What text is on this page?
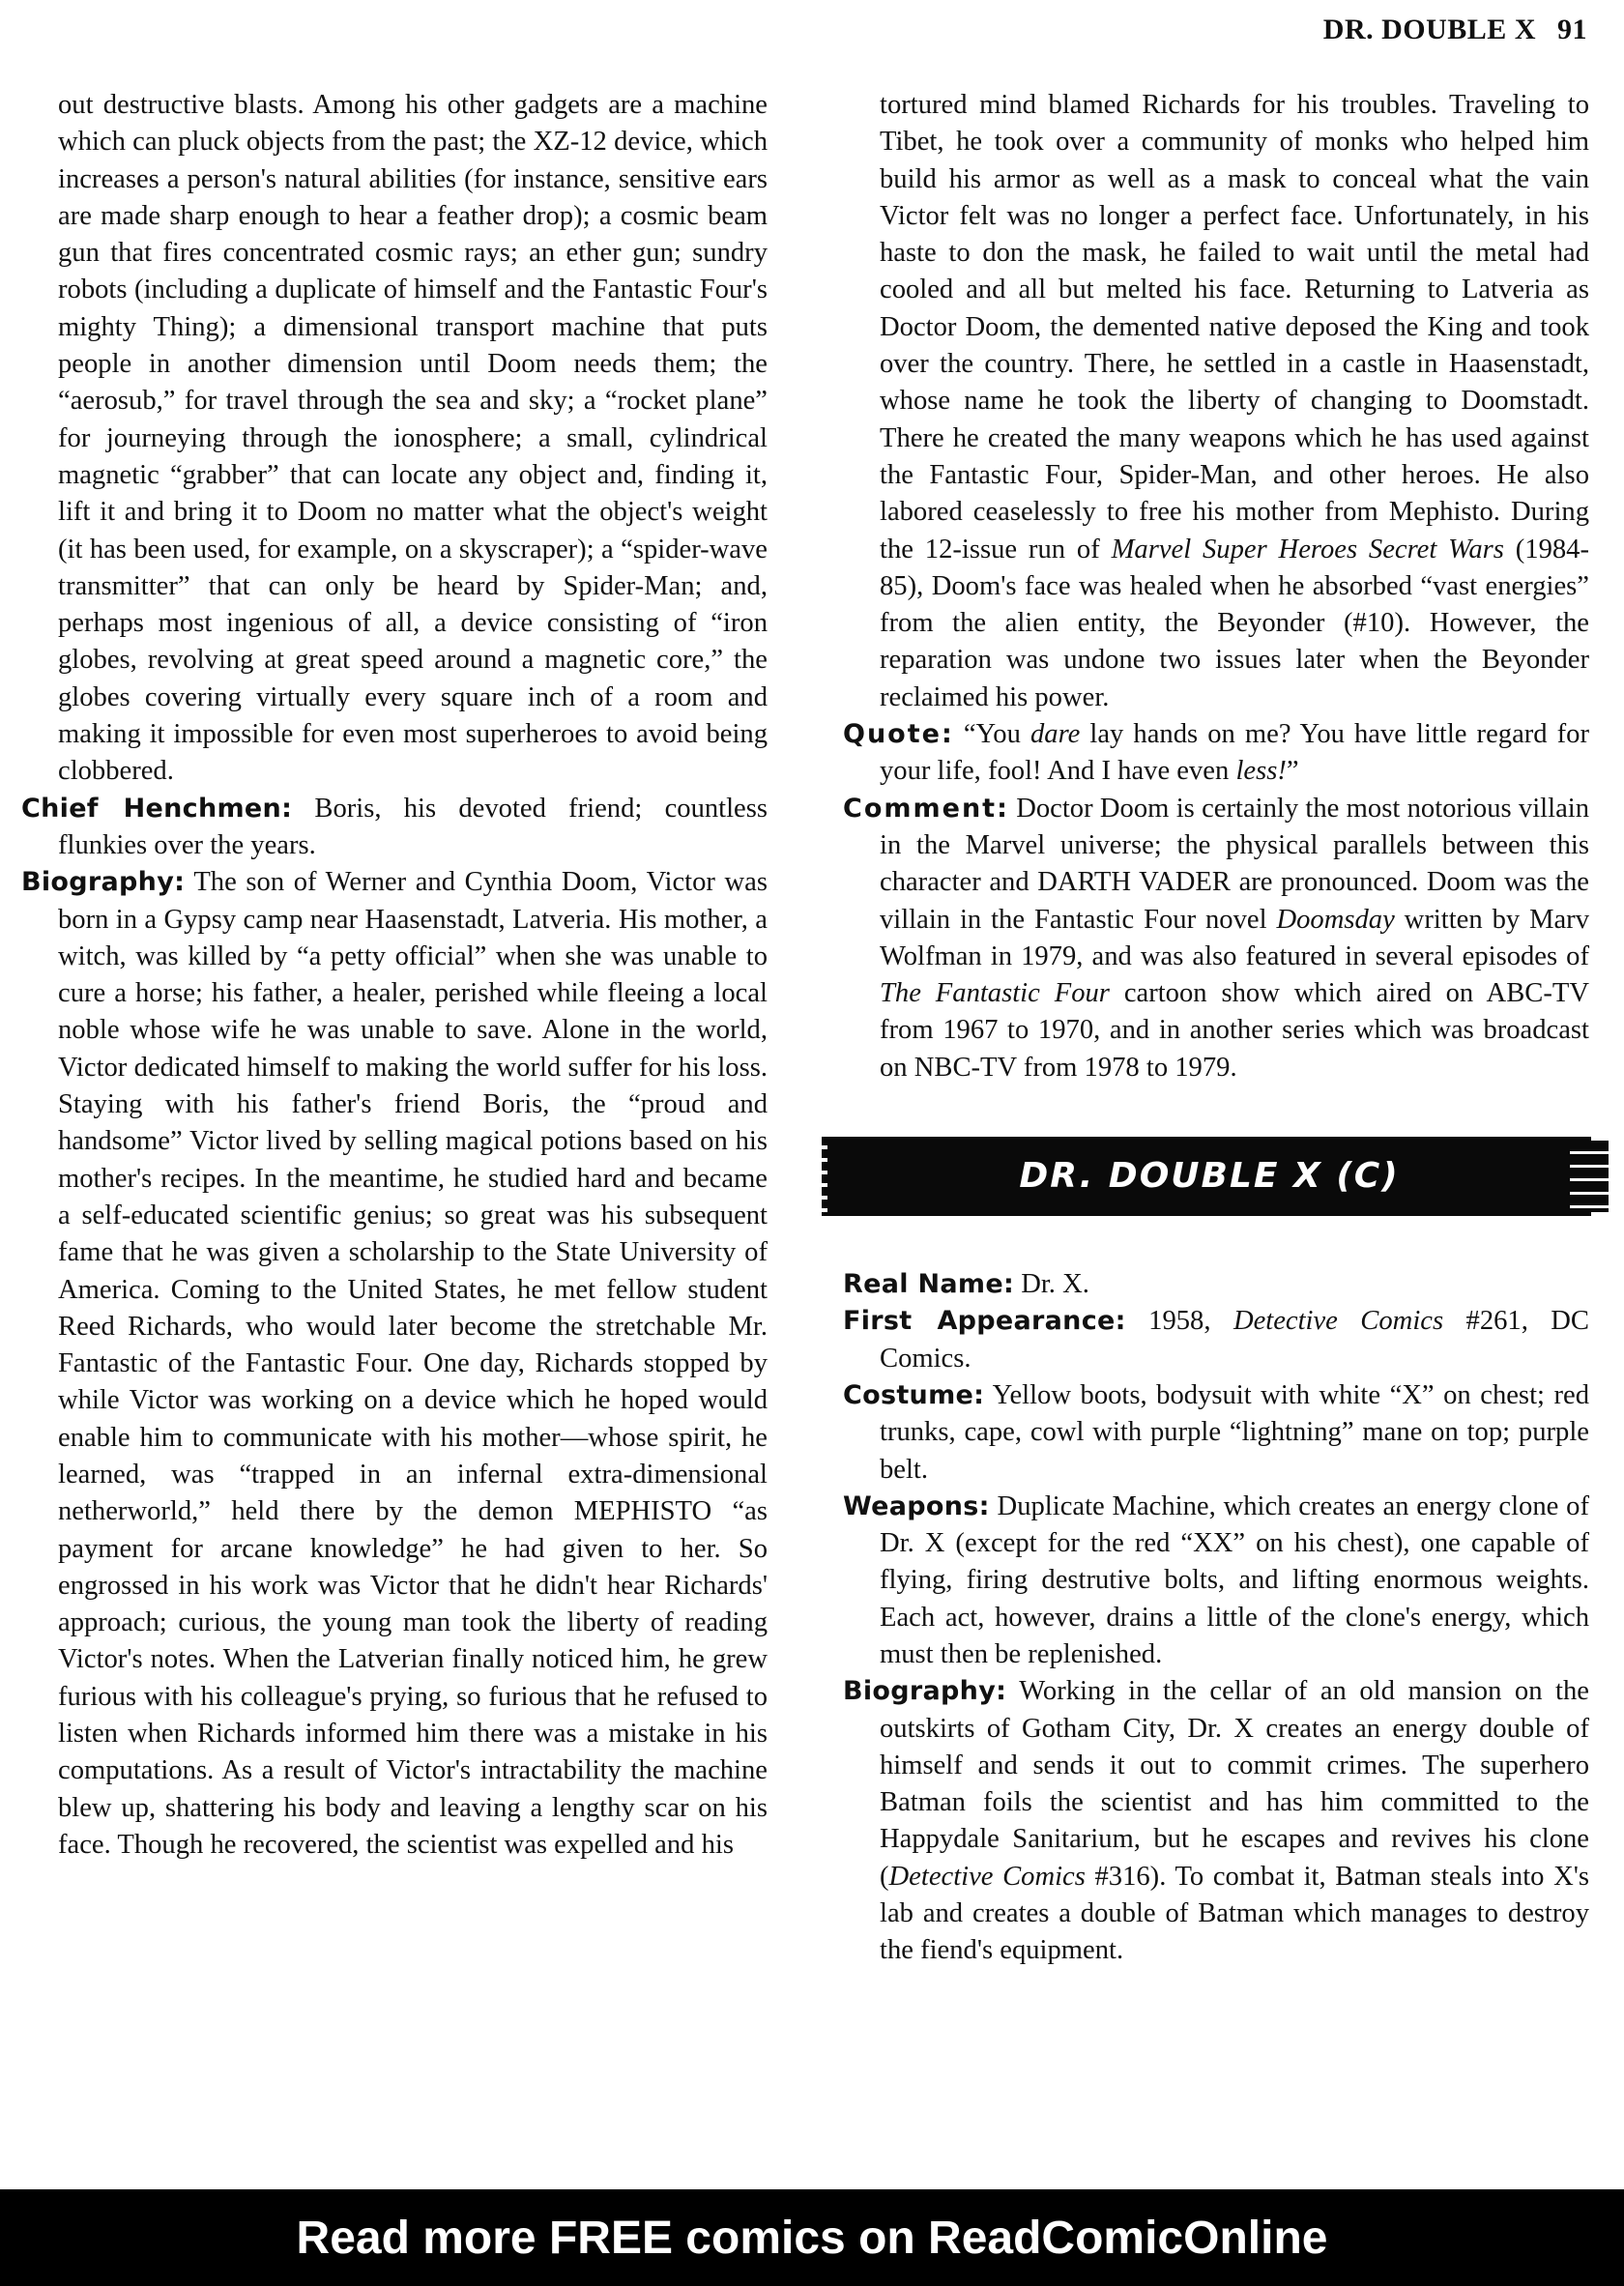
DR. DOUBLE X 91

out destructive blasts. Among his other gadgets are a machine which can pluck objects from the past; the XZ-12 device, which increases a person's natural abilities (for instance, sensitive ears are made sharp enough to hear a feather drop); a cosmic beam gun that fires concentrated cosmic rays; an ether gun; sundry robots (including a duplicate of himself and the Fantastic Four's mighty Thing); a dimensional transport machine that puts people in another dimension until Doom needs them; the “aerosub,” for travel through the sea and sky; a “rocket plane” for journeying through the ionosphere; a small, cylindrical magnetic “grabber” that can locate any object and, finding it, lift it and bring it to Doom no matter what the object's weight (it has been used, for example, on a skyscraper); a “spider-wave transmitter” that can only be heard by Spider-Man; and, perhaps most ingenious of all, a device consisting of “iron globes, revolving at great speed around a magnetic core,” the globes covering virtually every square inch of a room and making it impossible for even most superheroes to avoid being clobbered.

Chief Henchmen: Boris, his devoted friend; countless flunkies over the years.

Biography: The son of Werner and Cynthia Doom, Victor was born in a Gypsy camp near Haasenstadt, Latveria. His mother, a witch, was killed by “a petty official” when she was unable to cure a horse; his father, a healer, perished while fleeing a local noble whose wife he was unable to save. Alone in the world, Victor dedicated himself to making the world suffer for his loss. Staying with his father's friend Boris, the “proud and handsome” Victor lived by selling magical potions based on his mother's recipes. In the meantime, he studied hard and became a self-educated scientific genius; so great was his subsequent fame that he was given a scholarship to the State University of America. Coming to the United States, he met fellow student Reed Richards, who would later become the stretchable Mr. Fantastic of the Fantastic Four. One day, Richards stopped by while Victor was working on a device which he hoped would enable him to communicate with his mother—whose spirit, he learned, was “trapped in an infernal extra-dimensional netherworld,” held there by the demon MEPHISTO “as payment for arcane knowledge” he had given to her. So engrossed in his work was Victor that he didn't hear Richards' approach; curious, the young man took the liberty of reading Victor's notes. When the Latverian finally noticed him, he grew furious with his colleague's prying, so furious that he refused to listen when Richards informed him there was a mistake in his computations. As a result of Victor's intractability the machine blew up, shattering his body and leaving a lengthy scar on his face. Though he recovered, the scientist was expelled and his

tortured mind blamed Richards for his troubles. Traveling to Tibet, he took over a community of monks who helped him build his armor as well as a mask to conceal what the vain Victor felt was no longer a perfect face. Unfortunately, in his haste to don the mask, he failed to wait until the metal had cooled and all but melted his face. Returning to Latveria as Doctor Doom, the demented native deposed the King and took over the country. There, he settled in a castle in Haasenstadt, whose name he took the liberty of changing to Doomstadt. There he created the many weapons which he has used against the Fantastic Four, Spider-Man, and other heroes. He also labored ceaselessly to free his mother from Mephisto. During the 12-issue run of Marvel Super Heroes Secret Wars (1984-85), Doom's face was healed when he absorbed “vast energies” from the alien entity, the Beyonder (#10). However, the reparation was undone two issues later when the Beyonder reclaimed his power.

Quote: “You dare lay hands on me? You have little regard for your life, fool! And I have even less!”

Comment: Doctor Doom is certainly the most notorious villain in the Marvel universe; the physical parallels between this character and DARTH VADER are pronounced. Doom was the villain in the Fantastic Four novel Doomsday written by Marv Wolfman in 1979, and was also featured in several episodes of The Fantastic Four cartoon show which aired on ABC-TV from 1967 to 1970, and in another series which was broadcast on NBC-TV from 1978 to 1979.

DR. DOUBLE X (C)

Real Name: Dr. X.

First Appearance: 1958, Detective Comics #261, DC Comics.

Costume: Yellow boots, bodysuit with white “X” on chest; red trunks, cape, cowl with purple “lightning” mane on top; purple belt.

Weapons: Duplicate Machine, which creates an energy clone of Dr. X (except for the red “XX” on his chest), one capable of flying, firing destrutive bolts, and lifting enormous weights. Each act, however, drains a little of the clone's energy, which must then be replenished.

Biography: Working in the cellar of an old mansion on the outskirts of Gotham City, Dr. X creates an energy double of himself and sends it out to commit crimes. The superhero Batman foils the scientist and has him committed to the Happydale Sanitarium, but he escapes and revives his clone (Detective Comics #316). To combat it, Batman steals into X's lab and creates a double of Batman which manages to destroy the fiend's equipment.

Read more FREE comics on ReadComicOnline
